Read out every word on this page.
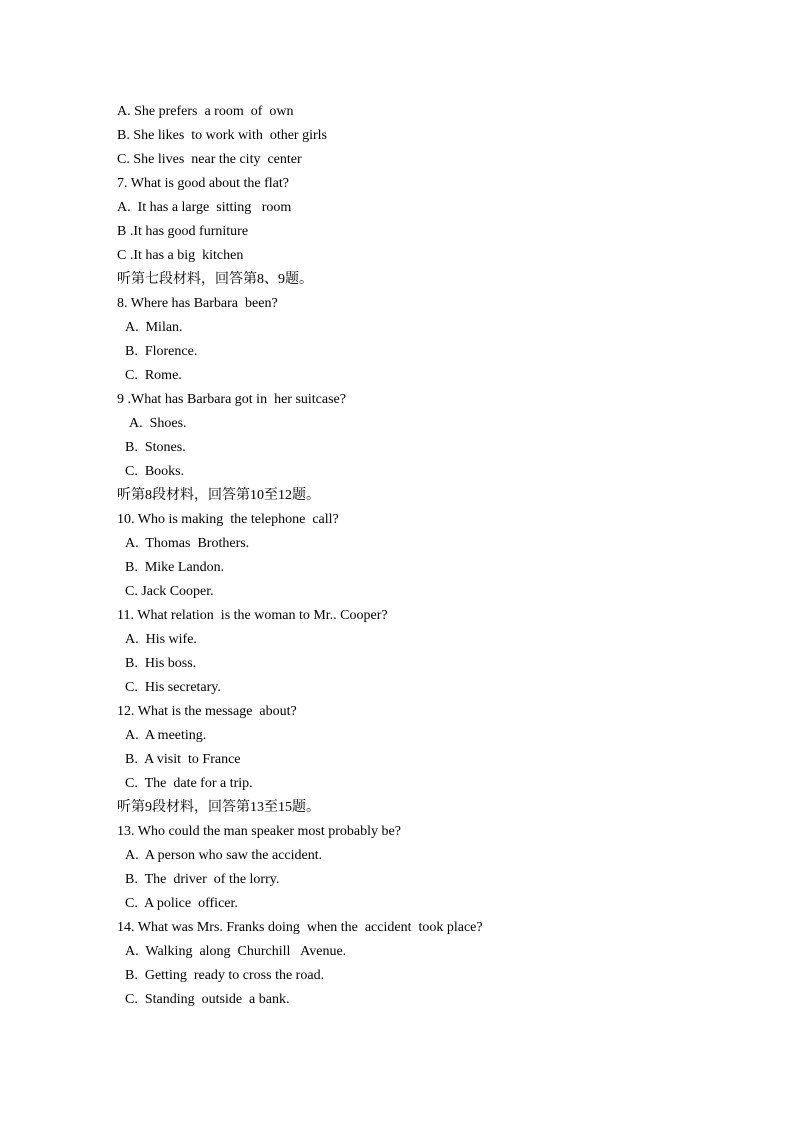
A. She prefers  a room  of  own
B. She likes  to work with  other girls
C. She lives  near the city  center
7. What is good about the flat?
A.  It has a large  sitting   room
B .It has good furniture
C .It has a big  kitchen
听第七段材料，回答第8、9题。
8. Where has Barbara  been?
A.  Milan.
B.  Florence.
C.  Rome.
9 .What has Barbara got in  her suitcase?
A.  Shoes.
B.  Stones.
C.  Books.
听第8段材料，回答第10至12题。
10. Who is making  the telephone  call?
A.  Thomas  Brothers.
B.  Mike Landon.
C. Jack Cooper.
11. What relation  is the woman to Mr.. Cooper?
A.  His wife.
B.  His boss.
C.  His secretary.
12. What is the message  about?
A.  A meeting.
B.  A visit  to France
C.  The  date for a trip.
听第9段材料，回答第13至15题。
13. Who could the man speaker most probably be?
A.  A person who saw the accident.
B.  The  driver  of the lorry.
C.  A police  officer.
14. What was Mrs. Franks doing  when the  accident  took place?
A.  Walking  along  Churchill   Avenue.
B.  Getting  ready to cross the road.
C.  Standing  outside  a bank.
